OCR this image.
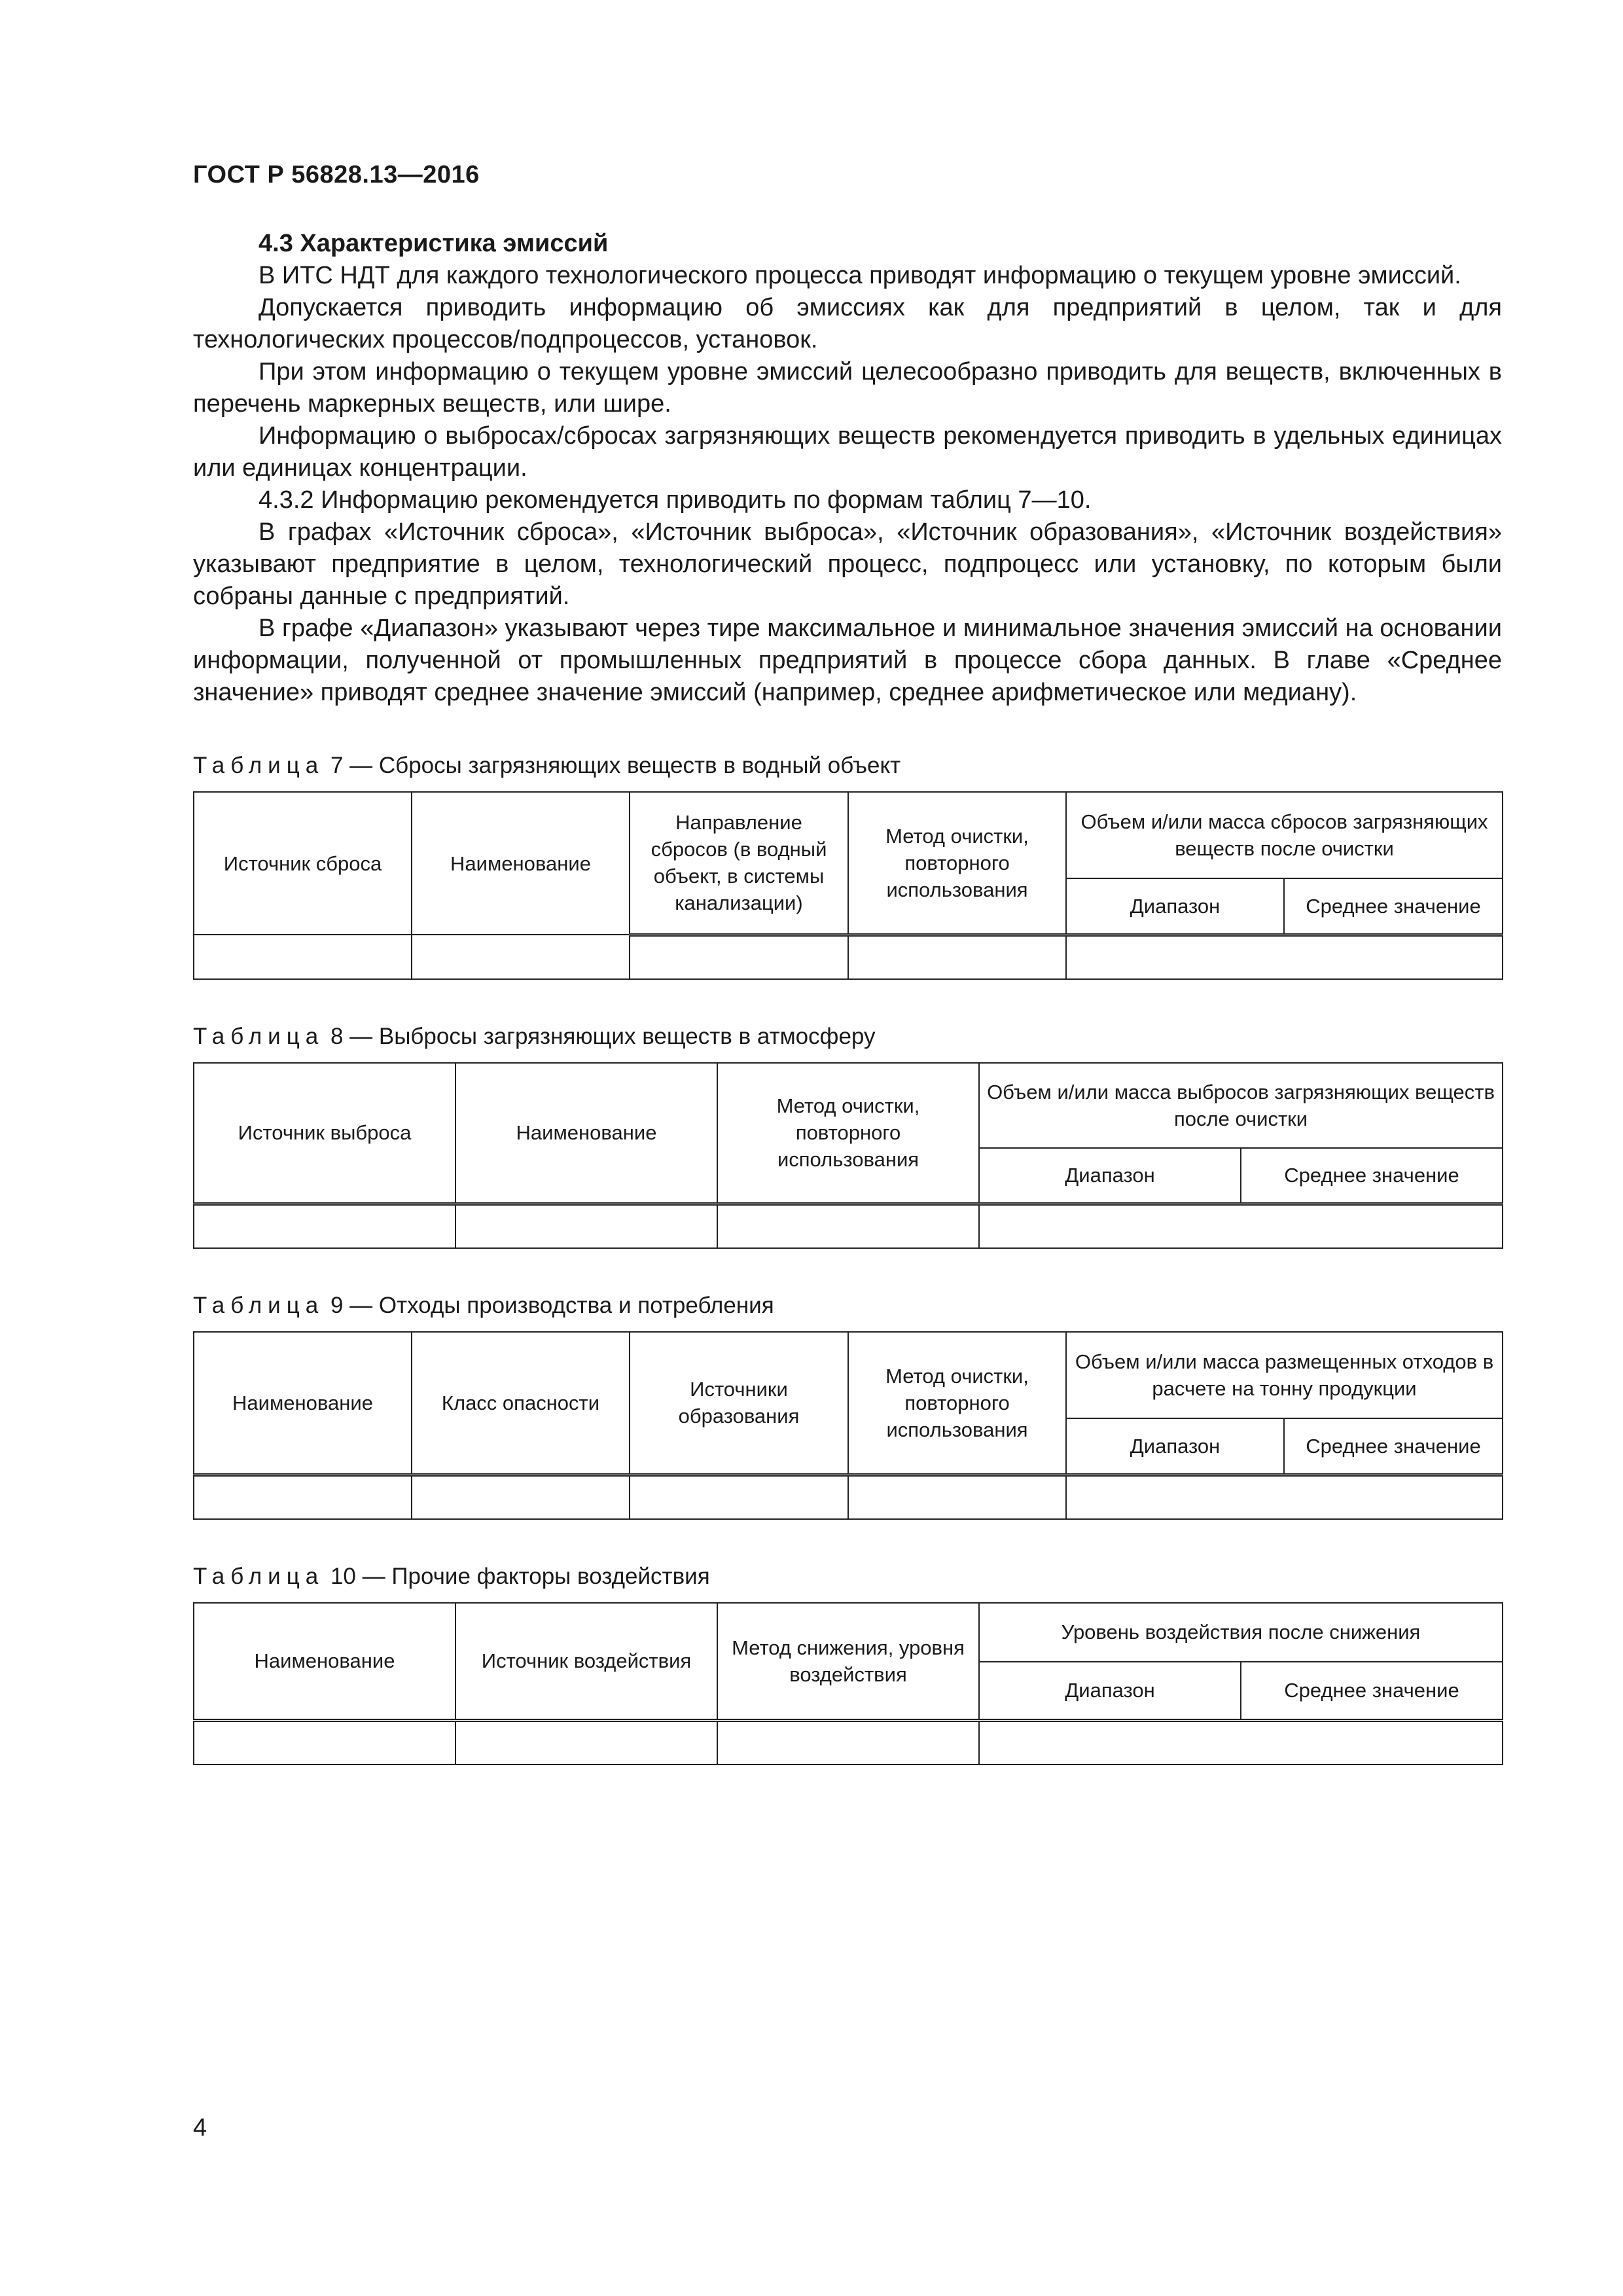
ГОСТ Р 56828.13—2016

4.3 Характеристика эмиссий

В ИТС НДТ для каждого технологического процесса приводят информацию о текущем уровне эмиссий.

Допускается приводить информацию об эмиссиях как для предприятий в целом, так и для технологических процессов/подпроцессов, установок.

При этом информацию о текущем уровне эмиссий целесообразно приводить для веществ, включенных в перечень маркерных веществ, или шире.

Информацию о выбросах/сбросах загрязняющих веществ рекомендуется приводить в удельных единицах или единицах концентрации.

4.3.2 Информацию рекомендуется приводить по формам таблиц 7—10.

В графах «Источник сброса», «Источник выброса», «Источник образования», «Источник воздействия» указывают предприятие в целом, технологический процесс, подпроцесс или установку, по которым были собраны данные с предприятий.

В графе «Диапазон» указывают через тире максимальное и минимальное значения эмиссий на основании информации, полученной от промышленных предприятий в процессе сбора данных. В главе «Среднее значение» приводят среднее значение эмиссий (например, среднее арифметическое или медиану).

Таблица 7 — Сбросы загрязняющих веществ в водный объект

Источник сброса	Наименование	Направление сбросов (в водный объект, в системы канализации)	Метод очистки, повторного использования	Объем и/или масса сбросов загрязняющих веществ после очистки	
				Диапазон	Среднее значение

Таблица 8 — Выбросы загрязняющих веществ в атмосферу

Источник выброса	Наименование	Метод очистки, повторного использования	Объем и/или масса выбросов загрязняющих веществ после очистки	
			Диапазон	Среднее значение

Таблица 9 — Отходы производства и потребления

Наименование	Класс опасности	Источники образования	Метод очистки, повторного использования	Объем и/или масса размещенных отходов в расчете на тонну продукции	
				Диапазон	Среднее значение

Таблица 10 — Прочие факторы воздействия

Наименование	Источник воздействия	Метод снижения, уровня воздействия	Уровень воздействия после снижения	
			Диапазон	Среднее значение

4
